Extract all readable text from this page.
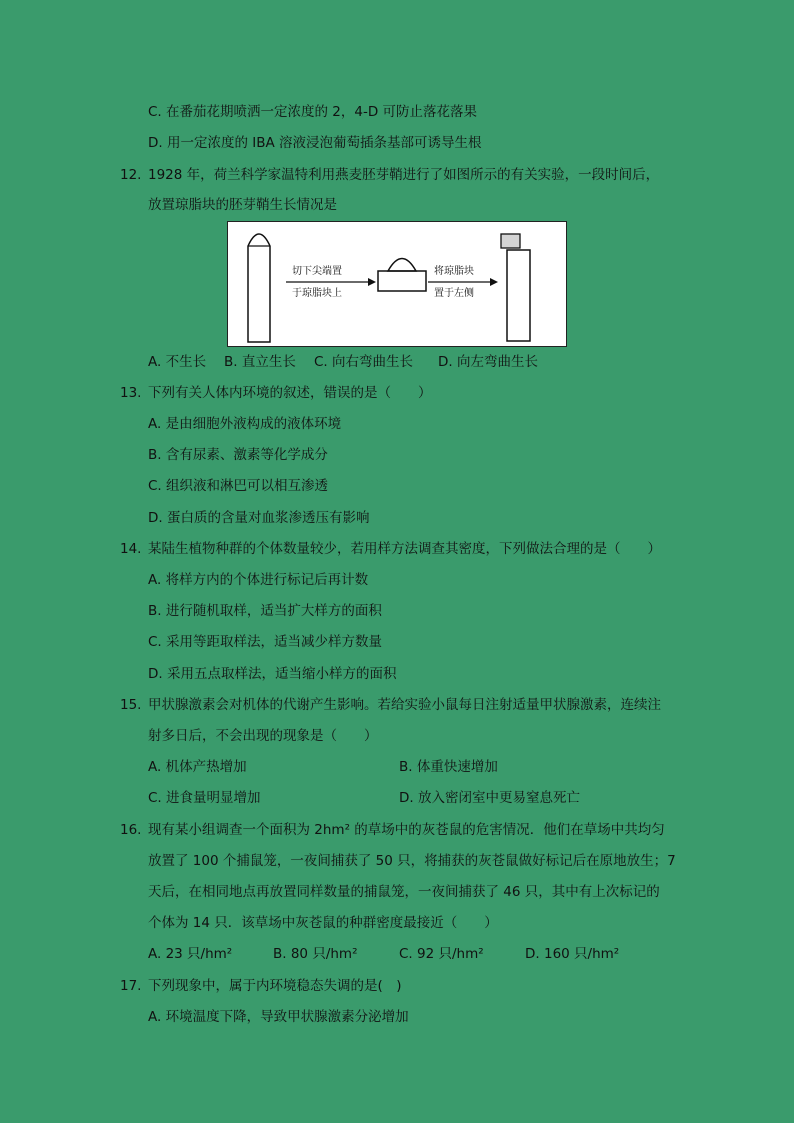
C. 在番茄花期喷洒一定浓度的 2，4-D 可防止落花落果
D. 用一定浓度的 IBA 溶液浸泡葡萄插条基部可诱导生根
12. 1928 年，荷兰科学家温特利用燕麦胚芽鞘进行了如图所示的有关实验，一段时间后，
放置琼脂块的胚芽鞘生长情况是
切下尖端置
于琼脂块上
将琼脂块
置于左侧
A. 不生长 B. 直立生长 C. 向右弯曲生长 D. 向左弯曲生长
13. 下列有关人体内环境的叙述，错误的是（　　）
A. 是由细胞外液构成的液体环境
B. 含有尿素、激素等化学成分
C. 组织液和淋巴可以相互渗透
D. 蛋白质的含量对血浆渗透压有影响
14. 某陆生植物种群的个体数量较少，若用样方法调查其密度，下列做法合理的是（　　）
A. 将样方内的个体进行标记后再计数
B. 进行随机取样，适当扩大样方的面积
C. 采用等距取样法，适当减少样方数量
D. 采用五点取样法，适当缩小样方的面积
15. 甲状腺激素会对机体的代谢产生影响。若给实验小鼠每日注射适量甲状腺激素，连续注
射多日后，不会出现的现象是（　　）
A. 机体产热增加	B. 体重快速增加
C. 进食量明显增加	D. 放入密闭室中更易窒息死亡
16. 现有某小组调查一个面积为 2hm² 的草场中的灰苍鼠的危害情况．他们在草场中共均匀
放置了 100 个捕鼠笼，一夜间捕获了 50 只，将捕获的灰苍鼠做好标记后在原地放生；7
天后，在相同地点再放置同样数量的捕鼠笼，一夜间捕获了 46 只，其中有上次标记的
个体为 14 只．该草场中灰苍鼠的种群密度最接近（　　）
A. 23 只/hm²	B. 80 只/hm²	C. 92 只/hm²	D. 160 只/hm²
17. 下列现象中，属于内环境稳态失调的是(　)
A. 环境温度下降，导致甲状腺激素分泌增加
